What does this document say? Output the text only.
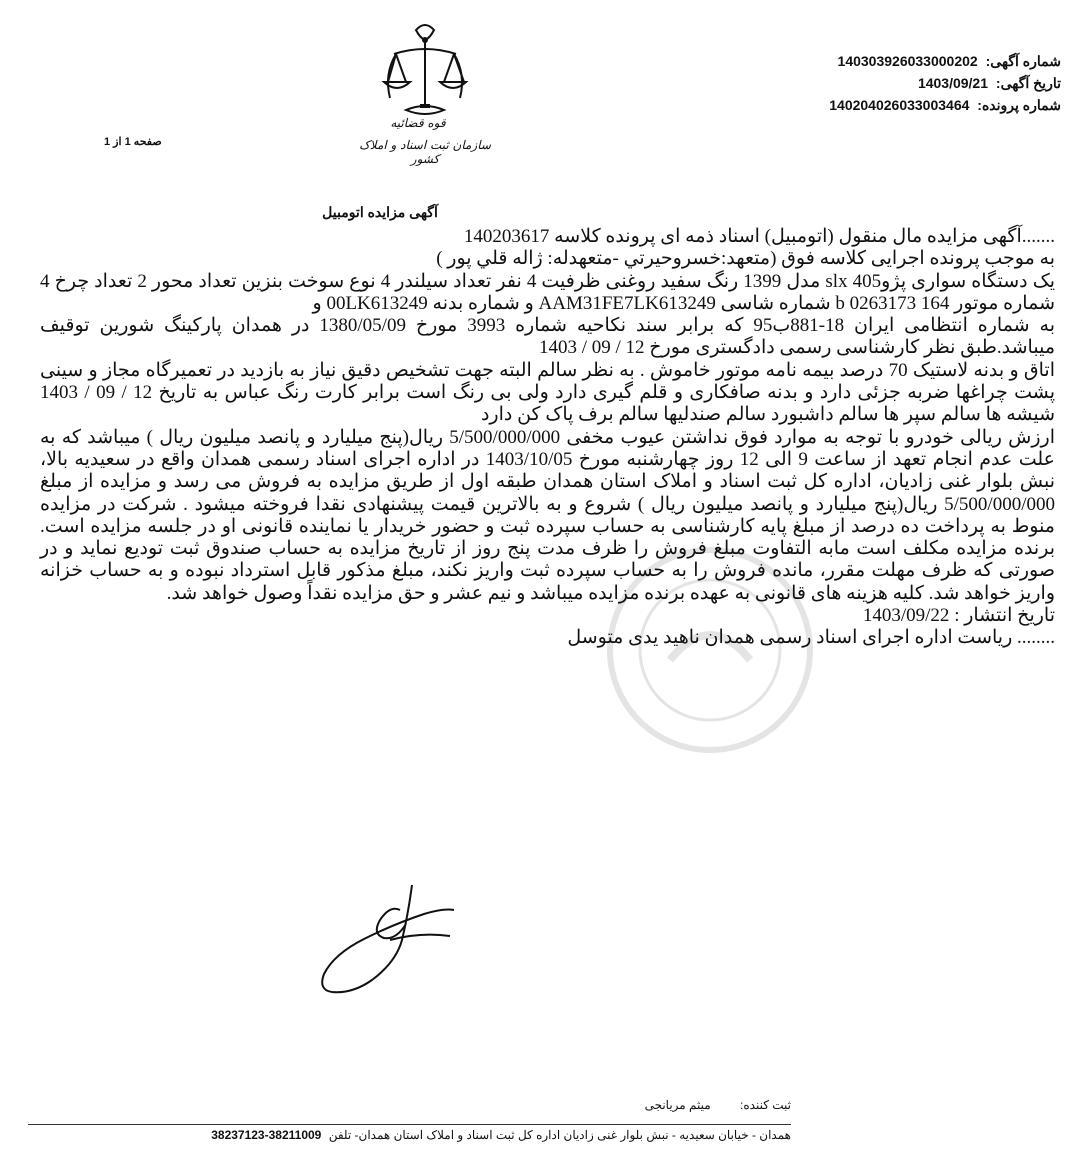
شماره آگهی: 140303926033000202
تاریخ آگهی: 1403/09/21
شماره پرونده: 140204026033003464
قوه قضائیه
سازمان ثبت اسناد و املاک کشور
صفحه 1 از 1
آگهی مزایده اتومبیل

.......آگهی مزایده مال منقول (اتومبیل) اسناد ذمه ای پرونده کلاسه 140203617

به موجب پرونده اجرایی کلاسه فوق (متعهد:خسروحیرتي -متعهدله: ژاله قلي پور )

یک دستگاه سواری پژو405 slx مدل 1399 رنگ سفید روغنی ظرفیت 4 نفر تعداد سیلندر 4 نوع سوخت بنزین تعداد محور 2 تعداد چرخ 4 شماره موتور 164 0263173 b شماره شاسی AAM31FE7LK613249 و شماره بدنه 00LK613249 و

به شماره انتظامی ایران 18-881ب95 که برابر سند نکاحیه شماره 3993 مورخ 1380/05/09 در همدان پارکینگ شورین توقیف میباشد.طبق نظر کارشناسی رسمی دادگستری مورخ 12 / 09 / 1403

اتاق و بدنه لاستیک 70 درصد بیمه نامه موتور خاموش . به نظر سالم البته جهت تشخیص دقیق نیاز به بازدید در تعمیرگاه مجاز و سینی پشت چراغها ضربه جزئی دارد و بدنه صافکاری و قلم گیری دارد ولی بی رنگ است برابر کارت رنگ عباس به تاریخ 12 / 09 / 1403 شیشه ها سالم سپر ها سالم داشبورد سالم صندلیها سالم برف پاک کن دارد

ارزش ریالی خودرو با توجه به موارد فوق نداشتن عیوب مخفی 5/500/000/000 ریال(پنج میلیارد و پانصد میلیون ریال ) میباشد که به علت عدم انجام تعهد از ساعت 9 الی 12 روز چهارشنبه مورخ 1403/10/05 در اداره اجرای اسناد رسمی همدان واقع در سعیدیه بالا، نبش بلوار غنی زادیان، اداره کل ثبت اسناد و املاک استان همدان طبقه اول از طریق مزایده به فروش می رسد و مزایده از مبلغ 5/500/000/000 ریال(پنج میلیارد و پانصد میلیون ریال ) شروع و به بالاترین قیمت پیشنهادی نقدا فروخته میشود . شرکت در مزایده منوط به پرداخت ده درصد از مبلغ پایه کارشناسی به حساب سپرده ثبت و حضور خریدار یا نماینده قانونی او در جلسه مزایده است. برنده مزایده مکلف است مابه التفاوت مبلغ فروش را ظرف مدت پنج روز از تاریخ مزایده به حساب صندوق ثبت تودیع نماید و در صورتی که ظرف مهلت مقرر، مانده فروش را به حساب سپرده ثبت واریز نکند، مبلغ مذکور قابل استرداد نبوده و به حساب خزانه واریز خواهد شد. کلیه هزینه های قانونی به عهده برنده مزایده میباشد و نیم عشر و حق مزایده نقداً وصول خواهد شد.

تاریخ انتشار : 1403/09/22

........ ریاست اداره اجرای اسناد رسمی همدان ناهید یدی متوسل

ثبت کننده: میثم مریانجی
همدان - خیابان سعیدیه - نبش بلوار غنی زادیان اداره کل ثبت اسناد و املاک استان همدان- تلفن 38237123-38211009
